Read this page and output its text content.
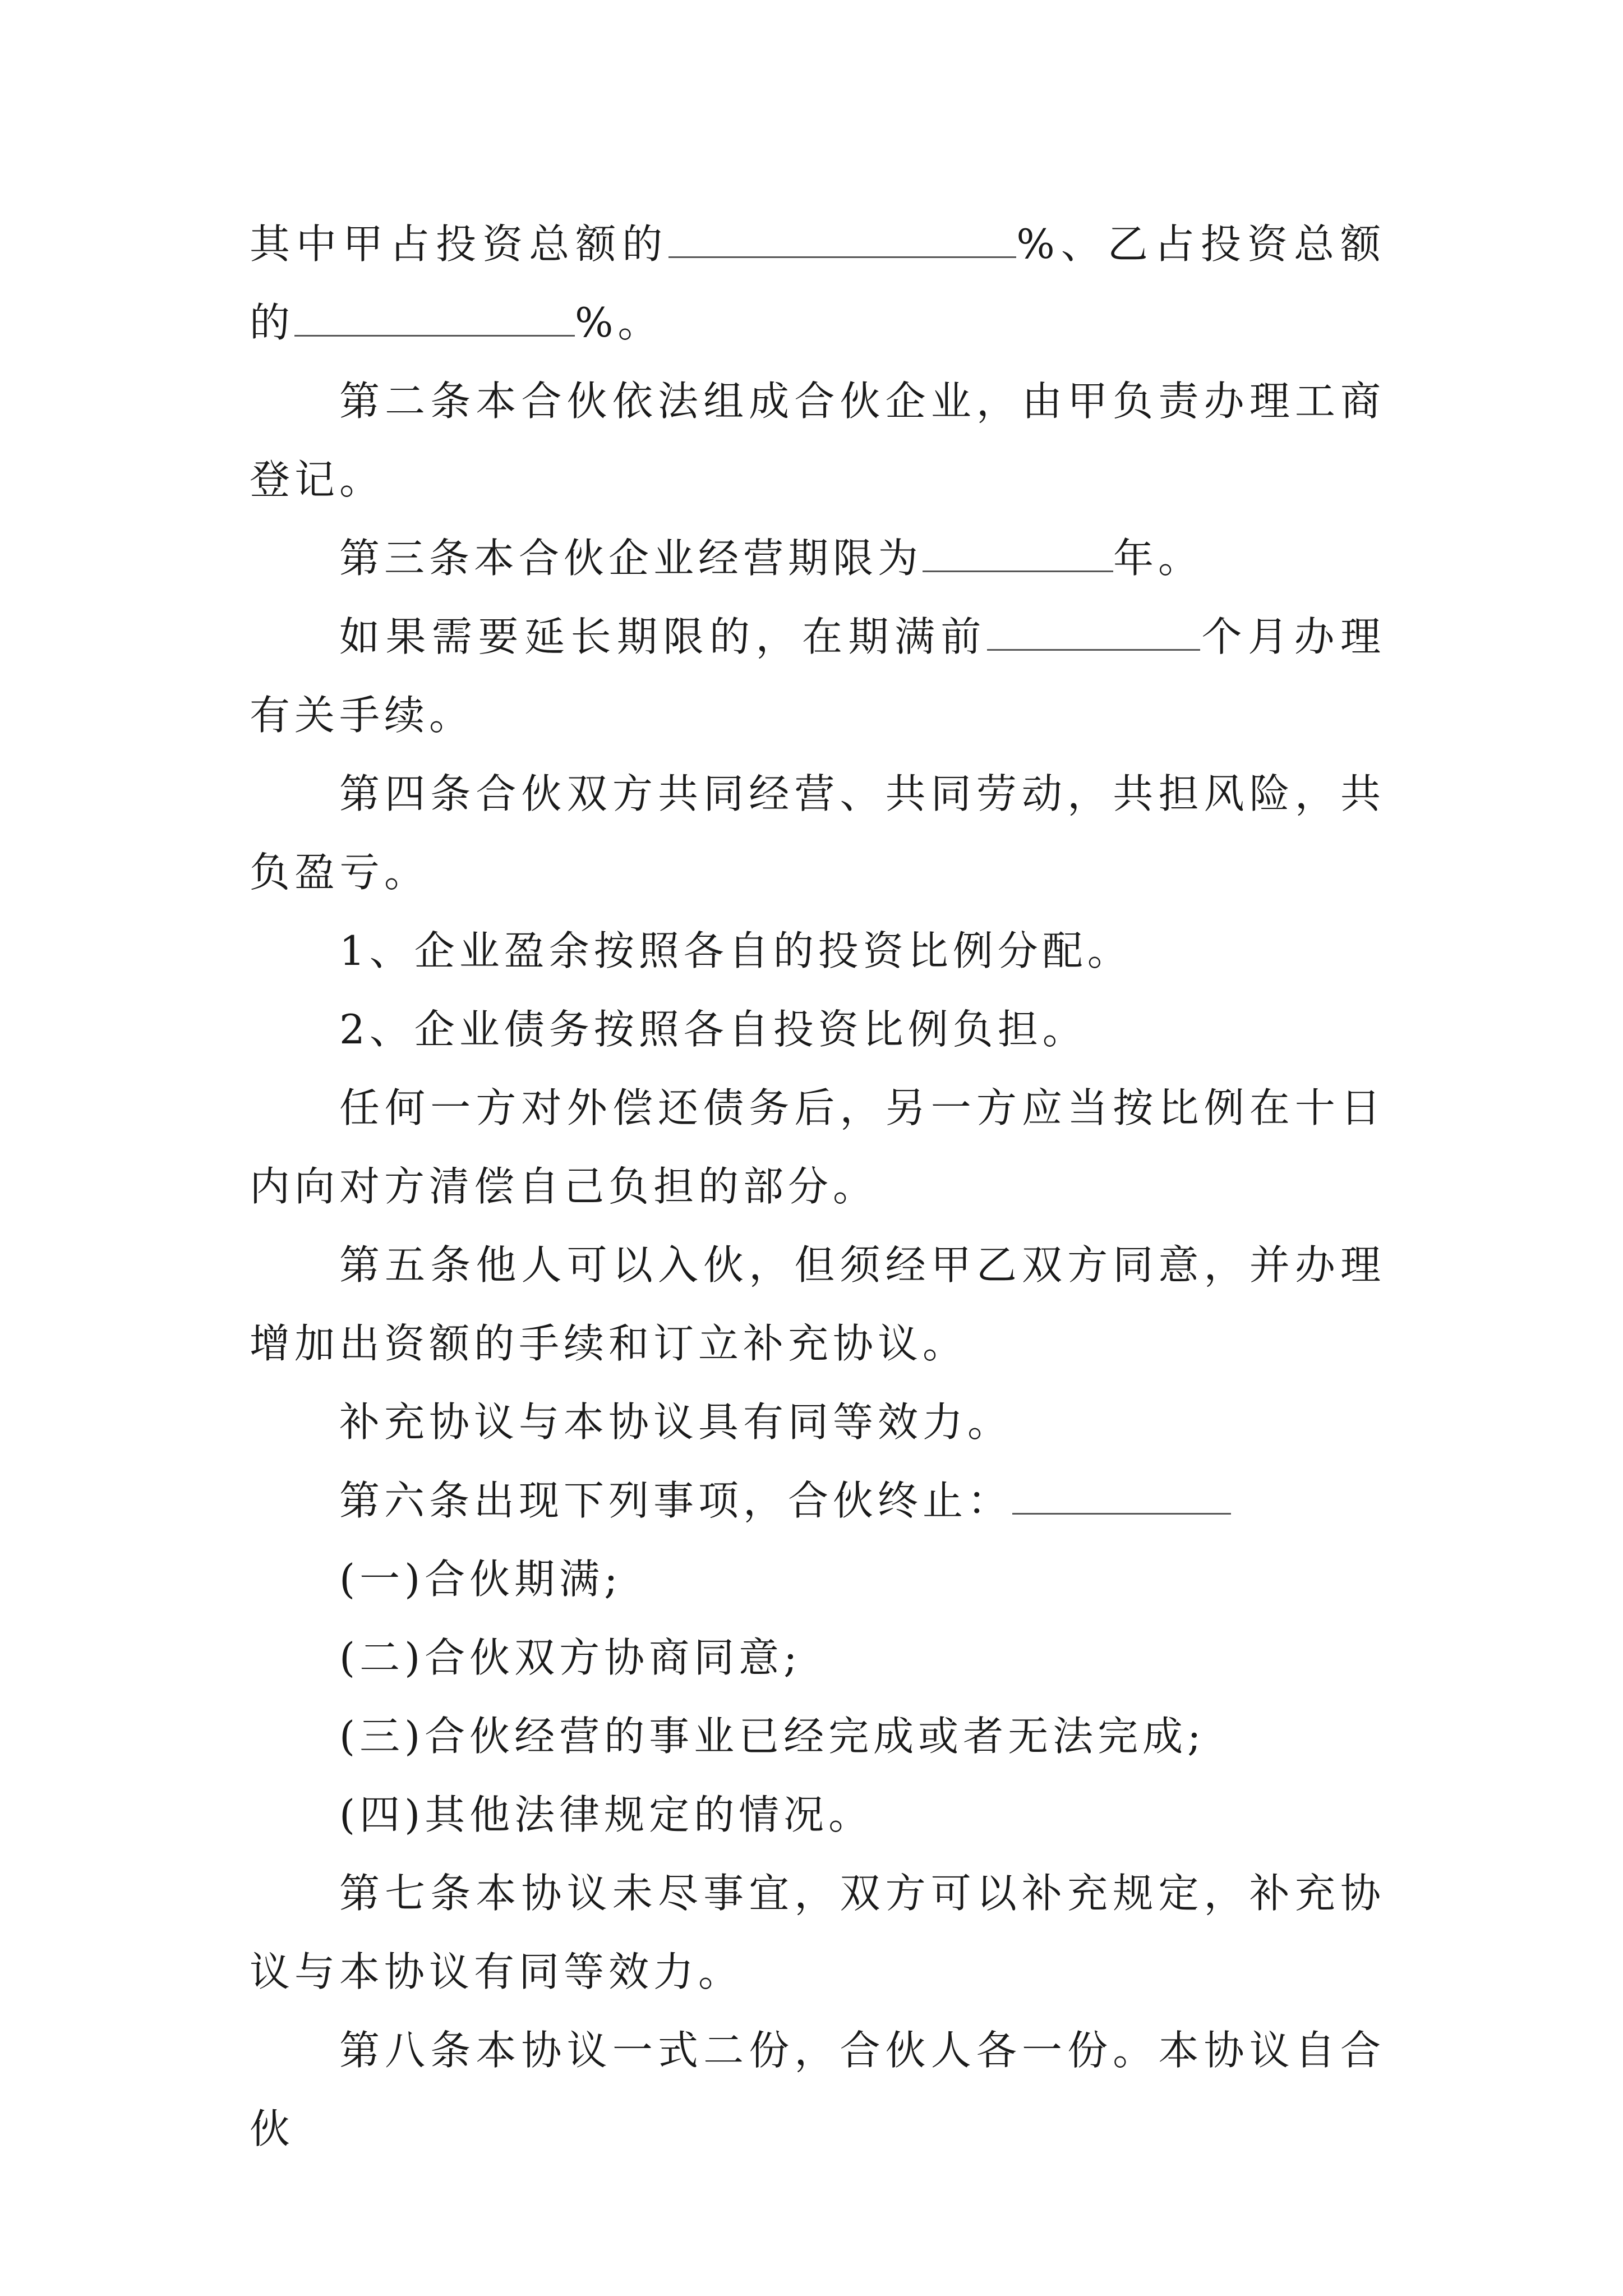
其中甲占投资总额的	%、乙占投资总额的	%。

第二条本合伙依法组成合伙企业，由甲负责办理工商登记。

第三条本合伙企业经营期限为	年。

如果需要延长期限的，在期满前	个月办理有关手续。

第四条合伙双方共同经营、共同劳动，共担风险，共负盈亏。

1、企业盈余按照各自的投资比例分配。

2、企业债务按照各自投资比例负担。

任何一方对外偿还债务后，另一方应当按比例在十日内向对方清偿自己负担的部分。

第五条他人可以入伙，但须经甲乙双方同意，并办理增加出资额的手续和订立补充协议。

补充协议与本协议具有同等效力。

第六条出现下列事项，合伙终止：

(一)合伙期满;

(二)合伙双方协商同意;

(三)合伙经营的事业已经完成或者无法完成;

(四)其他法律规定的情况。

第七条本协议未尽事宜，双方可以补充规定，补充协议与本协议有同等效力。

第八条本协议一式二份，合伙人各一份。本协议自合伙
